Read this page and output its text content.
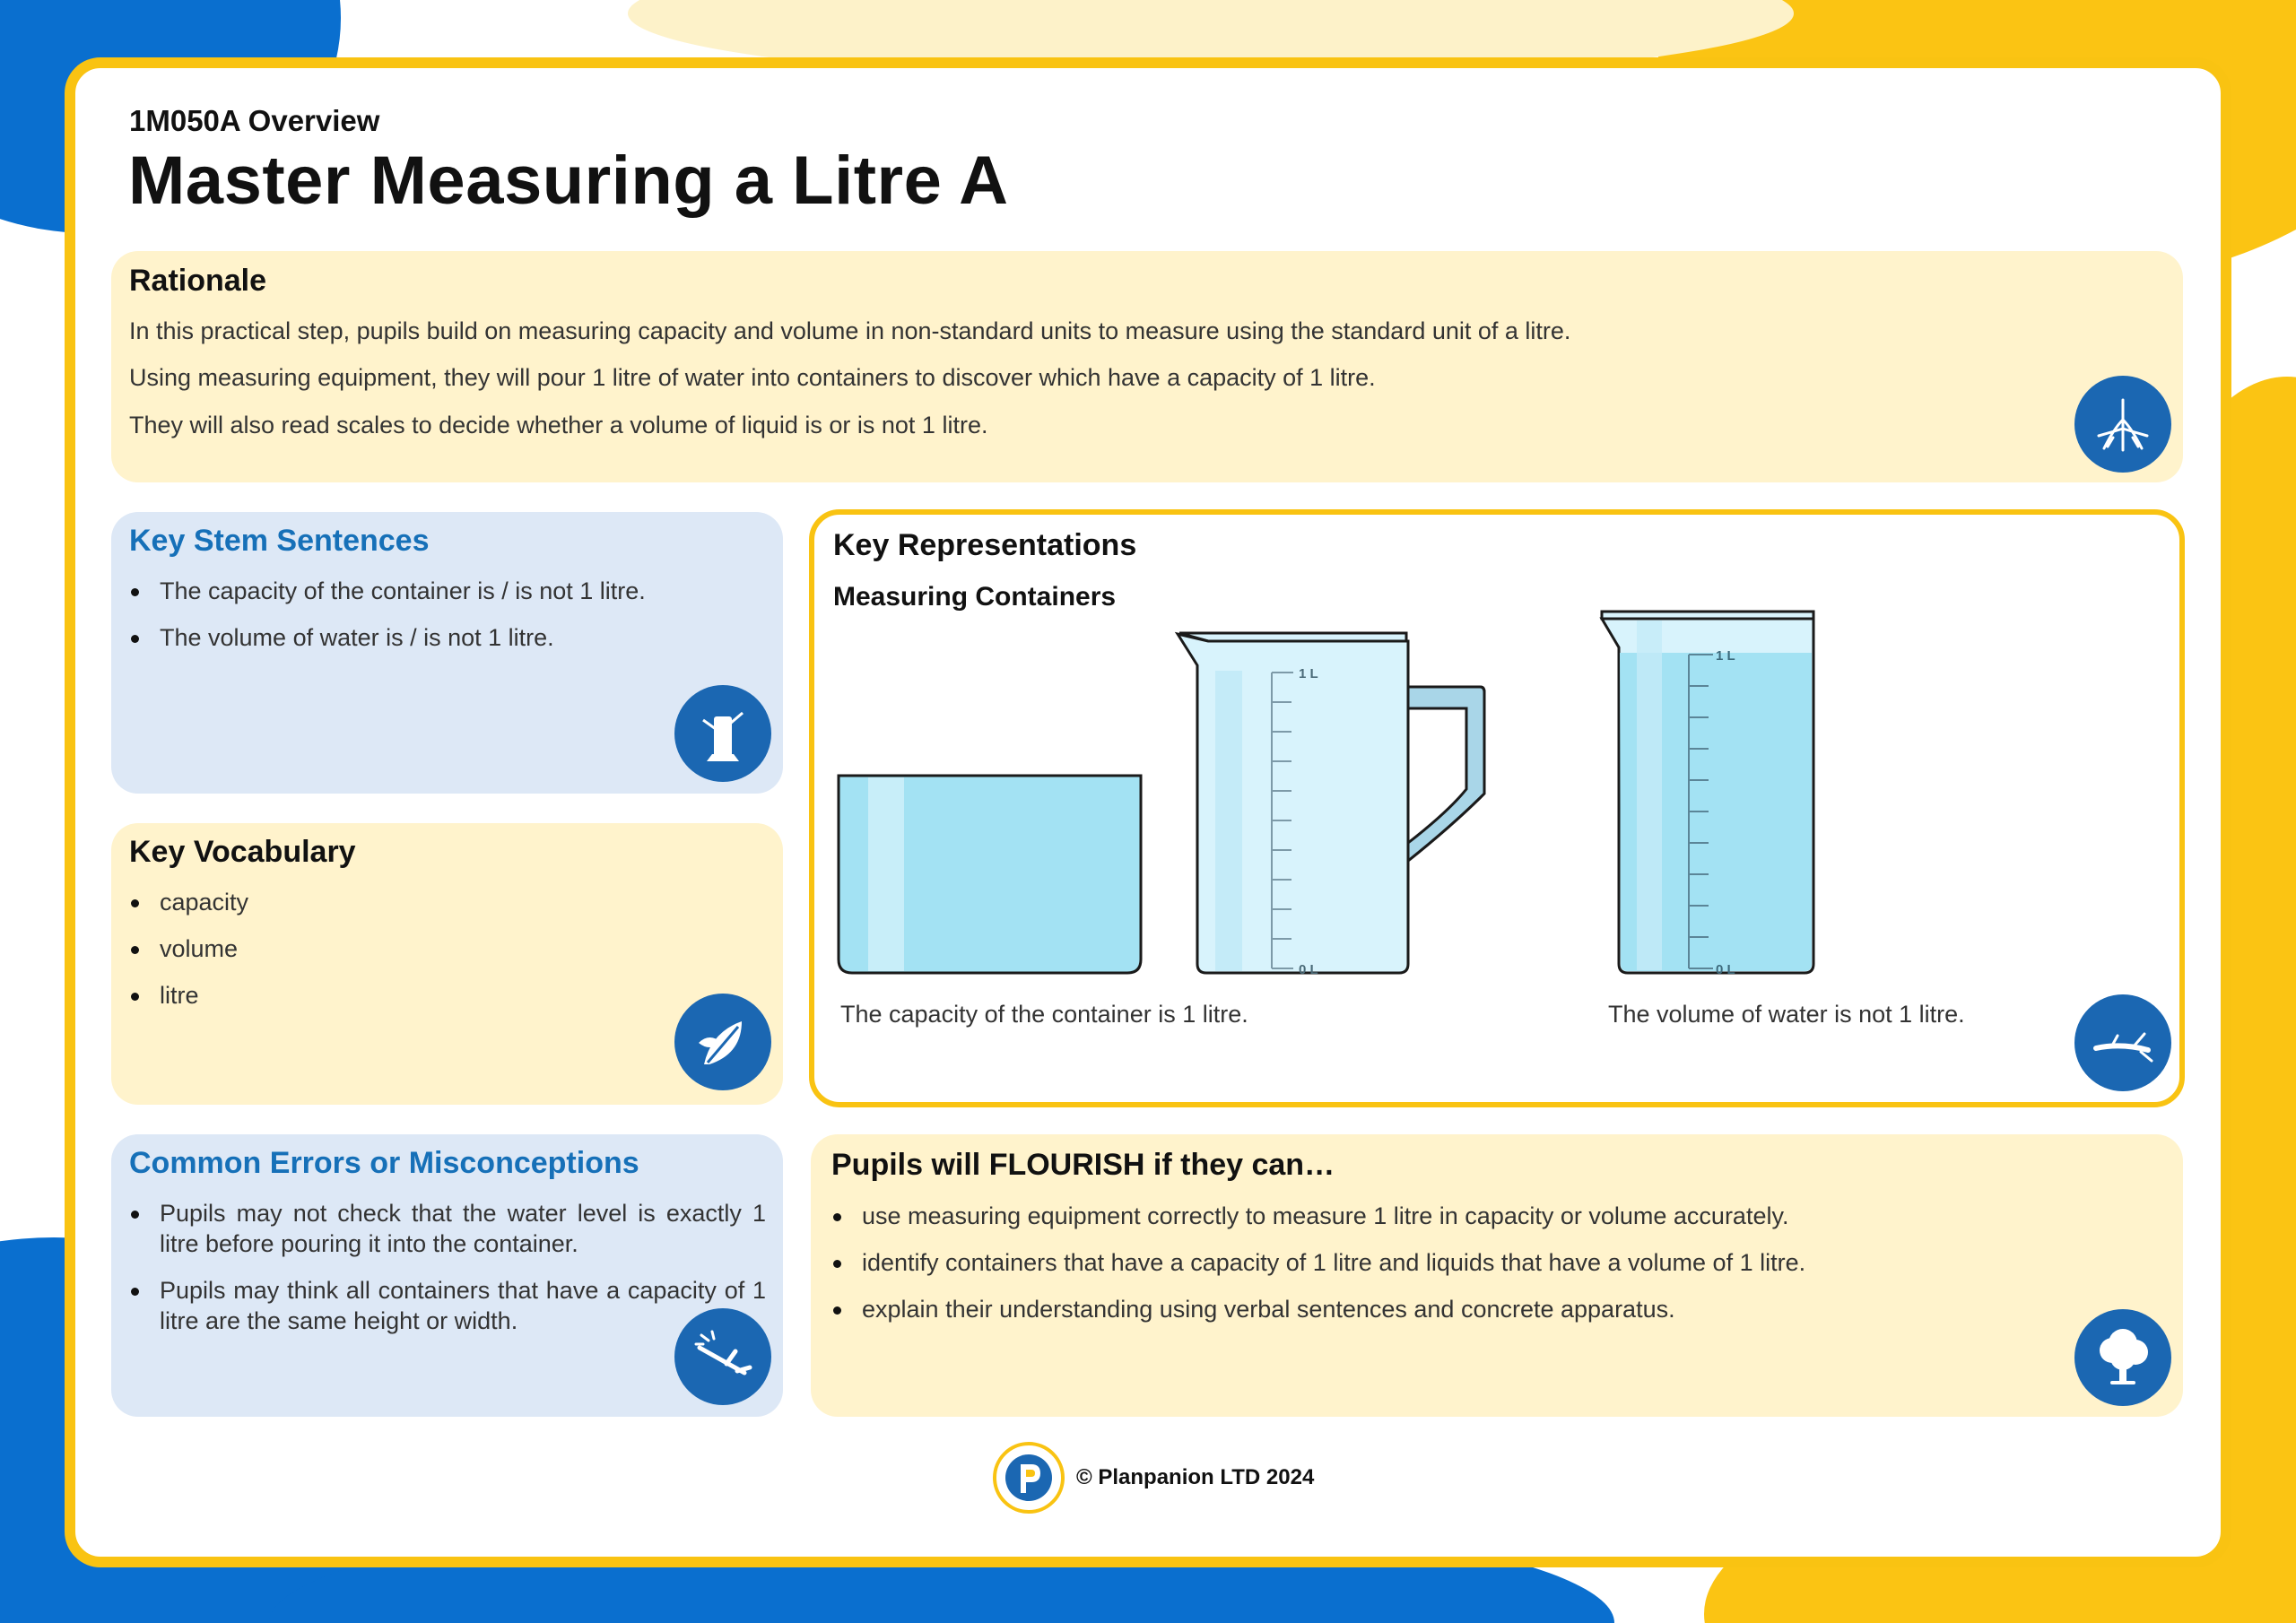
1M050A Overview
Master Measuring a Litre A
Rationale
In this practical step, pupils build on measuring capacity and volume in non-standard units to measure using the standard unit of a litre.
Using measuring equipment, they will pour 1 litre of water into containers to discover which have a capacity of 1 litre.
They will also read scales to decide whether a volume of liquid is or is not 1 litre.
Key Stem Sentences
The capacity of the container is / is not 1 litre.
The volume of water is / is not 1 litre.
Key Vocabulary
capacity
volume
litre
Common Errors or Misconceptions
Pupils may not check that the water level is exactly 1 litre before pouring it into the container.
Pupils may think all containers that have a capacity of 1 litre are the same height or width.
Key Representations
Measuring Containers
1 L
0 L
1 L
0 L
The capacity of the container is 1 litre.	The volume of water is not 1 litre.
Pupils will FLOURISH if they can…
use measuring equipment correctly to measure 1 litre in capacity or volume accurately.
identify containers that have a capacity of 1 litre and liquids that have a volume of 1 litre.
explain their understanding using verbal sentences and concrete apparatus.
© Planpanion LTD 2024
